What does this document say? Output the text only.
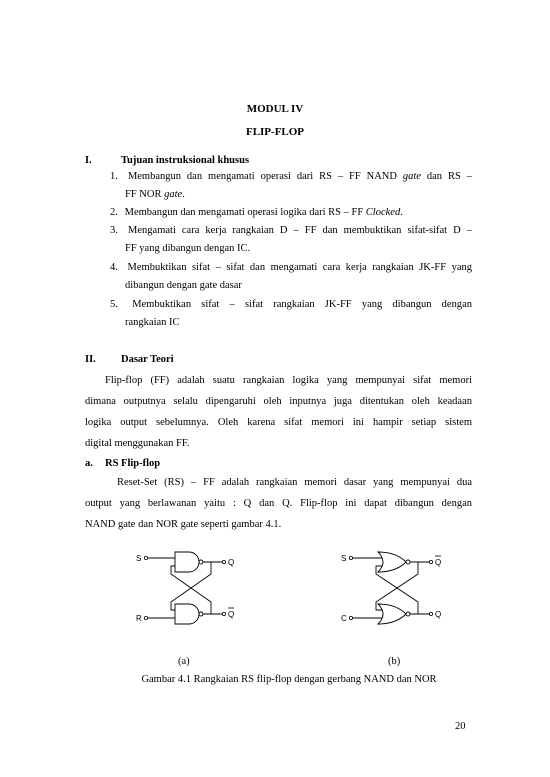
MODUL IV

FLIP-FLOP

I.	Tujuan instruksional khusus

1. Membangun dan mengamati operasi dari RS – FF NAND gate dan RS –

FF NOR gate.

2. Membangun dan mengamati operasi logika dari RS – FF Clocked.

3. Mengamati cara kerja rangkaian D – FF dan membuktikan sifat-sifat D –

FF yang dibangun dengan IC.

4. Membuktikan sifat – sifat dan mengamati cara kerja rangkaian JK-FF yang

dibangun dengan gate dasar

5. Membuktikan sifat – sifat rangkaian JK-FF yang dibangun dengan

rangkaian IC

II. Dasar Teori

Flip-flop (FF) adalah suatu rangkaian logika yang mempunyai sifat memori

dimana outputnya selalu dipengaruhi oleh inputnya juga ditentukan oleh keadaan

logika output sebelumnya. Oleh karena sifat memori ini hampir setiap sistem

digital menggunakan FF.

a. RS Flip-flop

Reset-Set (RS) – FF adalah rangkaian memori dasar yang mempunyai dua

output yang berlawanan yaitu : Q dan Q. Flip-flop ini dapat dibangun dengan

NAND gate dan NOR gate seperti gambar 4.1.

S
R
Q
Q
S
C
Q
Q

(a)	(b)

Gambar 4.1 Rangkaian RS flip-flop dengan gerbang NAND dan NOR

20
